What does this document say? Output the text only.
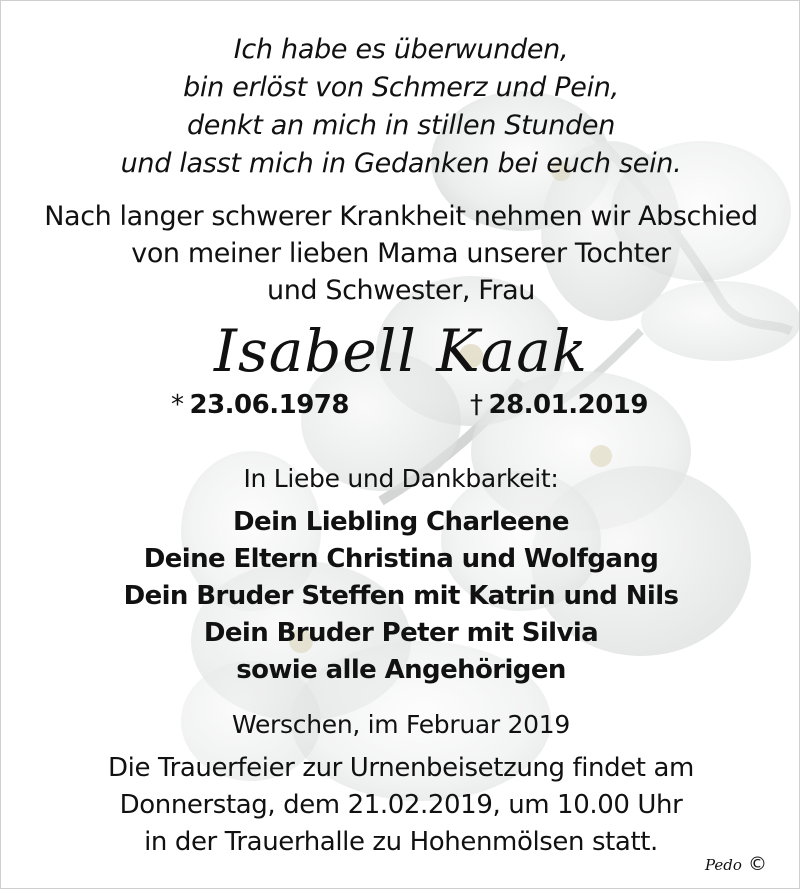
Ich habe es überwunden,
bin erlöst von Schmerz und Pein,
denkt an mich in stillen Stunden
und lasst mich in Gedanken bei euch sein.
Nach langer schwerer Krankheit nehmen wir Abschied
von meiner lieben Mama unserer Tochter
und Schwester, Frau
Isabell Kaak
* 23.06.1978	† 28.01.2019
In Liebe und Dankbarkeit:
Dein Liebling Charleene
Deine Eltern Christina und Wolfgang
Dein Bruder Steffen mit Katrin und Nils
Dein Bruder Peter mit Silvia
sowie alle Angehörigen
Werschen, im Februar 2019
Die Trauerfeier zur Urnenbeisetzung findet am
Donnerstag, dem 21.02.2019, um 10.00 Uhr
in der Trauerhalle zu Hohenmölsen statt.
Pedo ©
